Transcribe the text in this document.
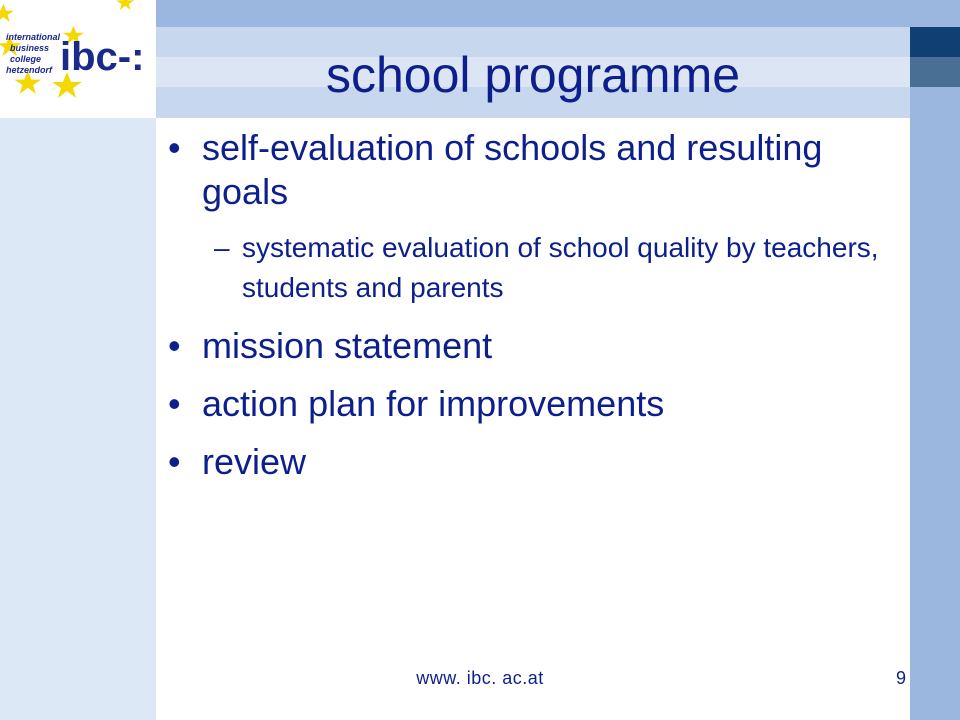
international
business
college
hetzendorf ibc-:	school programme
• self-evaluation of schools and resulting goals
– systematic evaluation of school quality by teachers, students and parents
• mission statement
• action plan for improvements
• review
www. ibc. ac.at	9
